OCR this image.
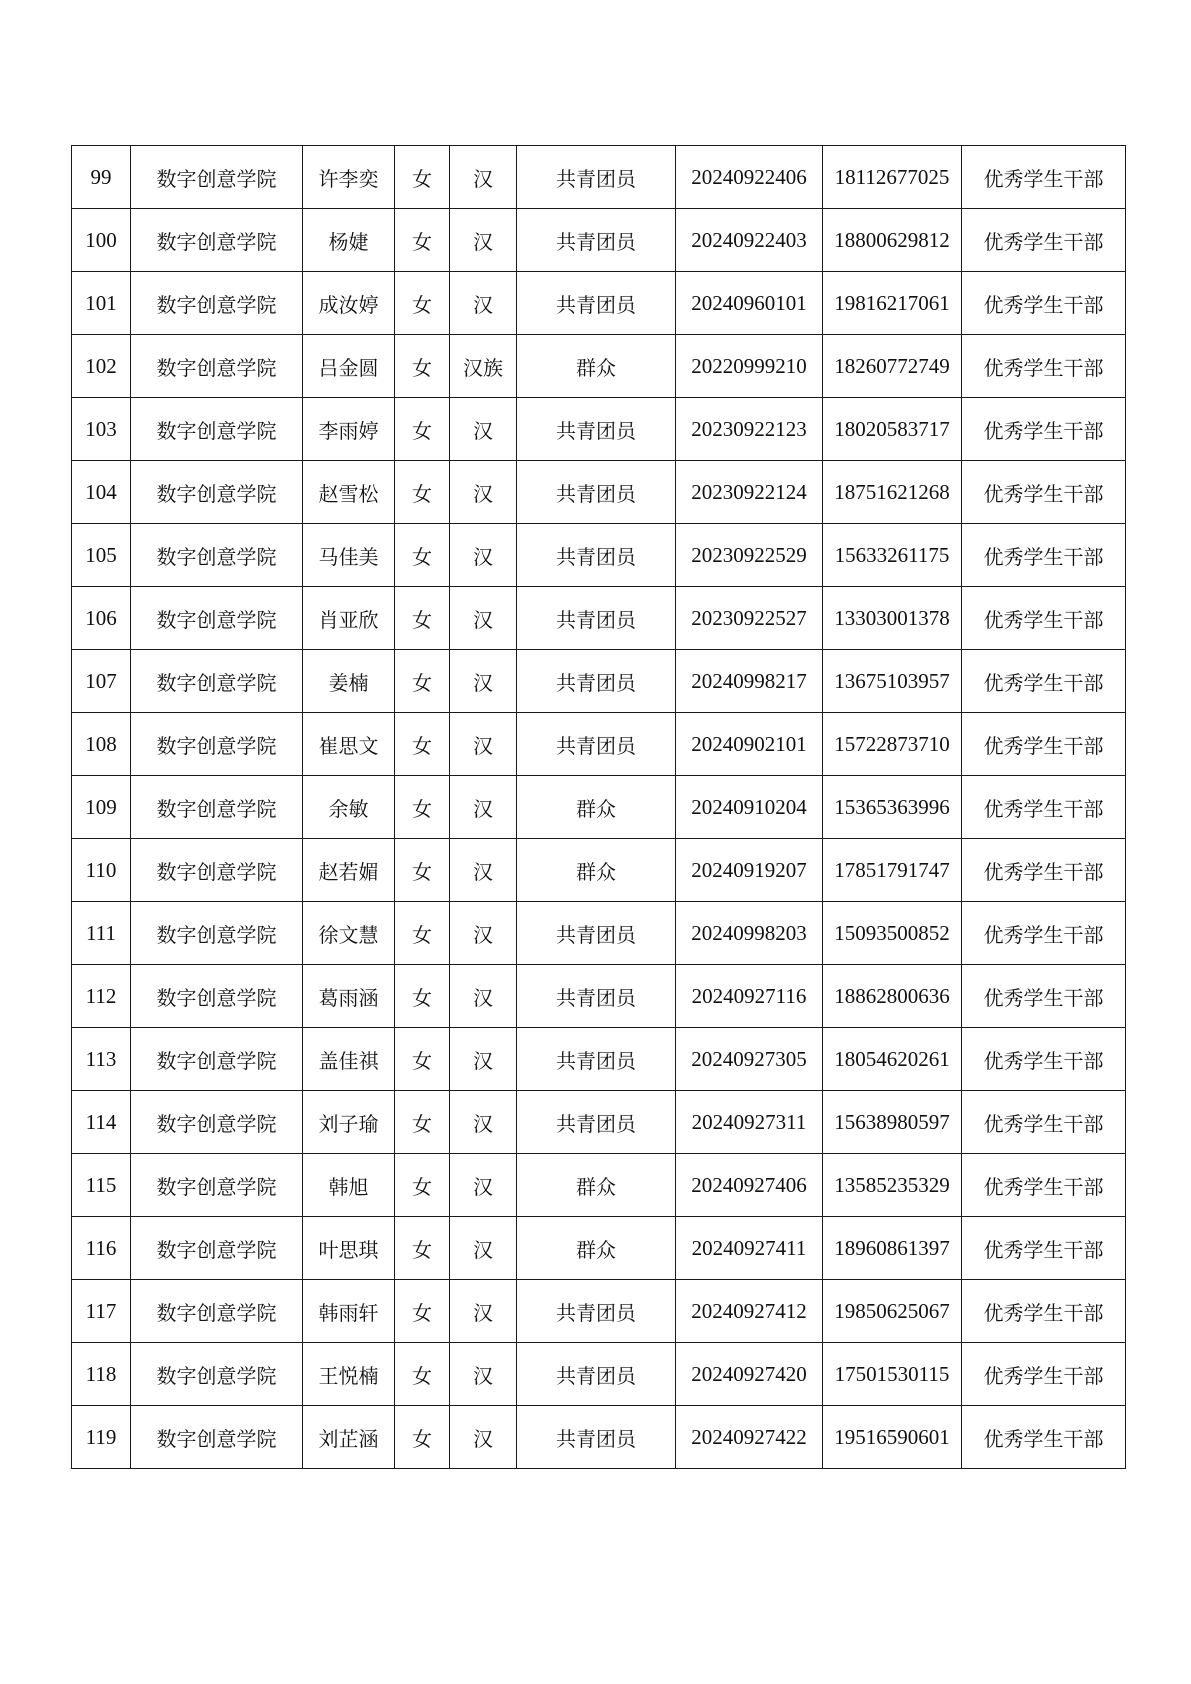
99	数字创意学院	许李奕	女	汉	共青团员	20240922406	18112677025	优秀学生干部
100	数字创意学院	杨婕	女	汉	共青团员	20240922403	18800629812	优秀学生干部
101	数字创意学院	成汝婷	女	汉	共青团员	20240960101	19816217061	优秀学生干部
102	数字创意学院	吕金圆	女	汉族	群众	20220999210	18260772749	优秀学生干部
103	数字创意学院	李雨婷	女	汉	共青团员	20230922123	18020583717	优秀学生干部
104	数字创意学院	赵雪松	女	汉	共青团员	20230922124	18751621268	优秀学生干部
105	数字创意学院	马佳美	女	汉	共青团员	20230922529	15633261175	优秀学生干部
106	数字创意学院	肖亚欣	女	汉	共青团员	20230922527	13303001378	优秀学生干部
107	数字创意学院	姜楠	女	汉	共青团员	20240998217	13675103957	优秀学生干部
108	数字创意学院	崔思文	女	汉	共青团员	20240902101	15722873710	优秀学生干部
109	数字创意学院	余敏	女	汉	群众	20240910204	15365363996	优秀学生干部
110	数字创意学院	赵若媚	女	汉	群众	20240919207	17851791747	优秀学生干部
111	数字创意学院	徐文慧	女	汉	共青团员	20240998203	15093500852	优秀学生干部
112	数字创意学院	葛雨涵	女	汉	共青团员	20240927116	18862800636	优秀学生干部
113	数字创意学院	盖佳祺	女	汉	共青团员	20240927305	18054620261	优秀学生干部
114	数字创意学院	刘子瑜	女	汉	共青团员	20240927311	15638980597	优秀学生干部
115	数字创意学院	韩旭	女	汉	群众	20240927406	13585235329	优秀学生干部
116	数字创意学院	叶思琪	女	汉	群众	20240927411	18960861397	优秀学生干部
117	数字创意学院	韩雨轩	女	汉	共青团员	20240927412	19850625067	优秀学生干部
118	数字创意学院	王悦楠	女	汉	共青团员	20240927420	17501530115	优秀学生干部
119	数字创意学院	刘芷涵	女	汉	共青团员	20240927422	19516590601	优秀学生干部
